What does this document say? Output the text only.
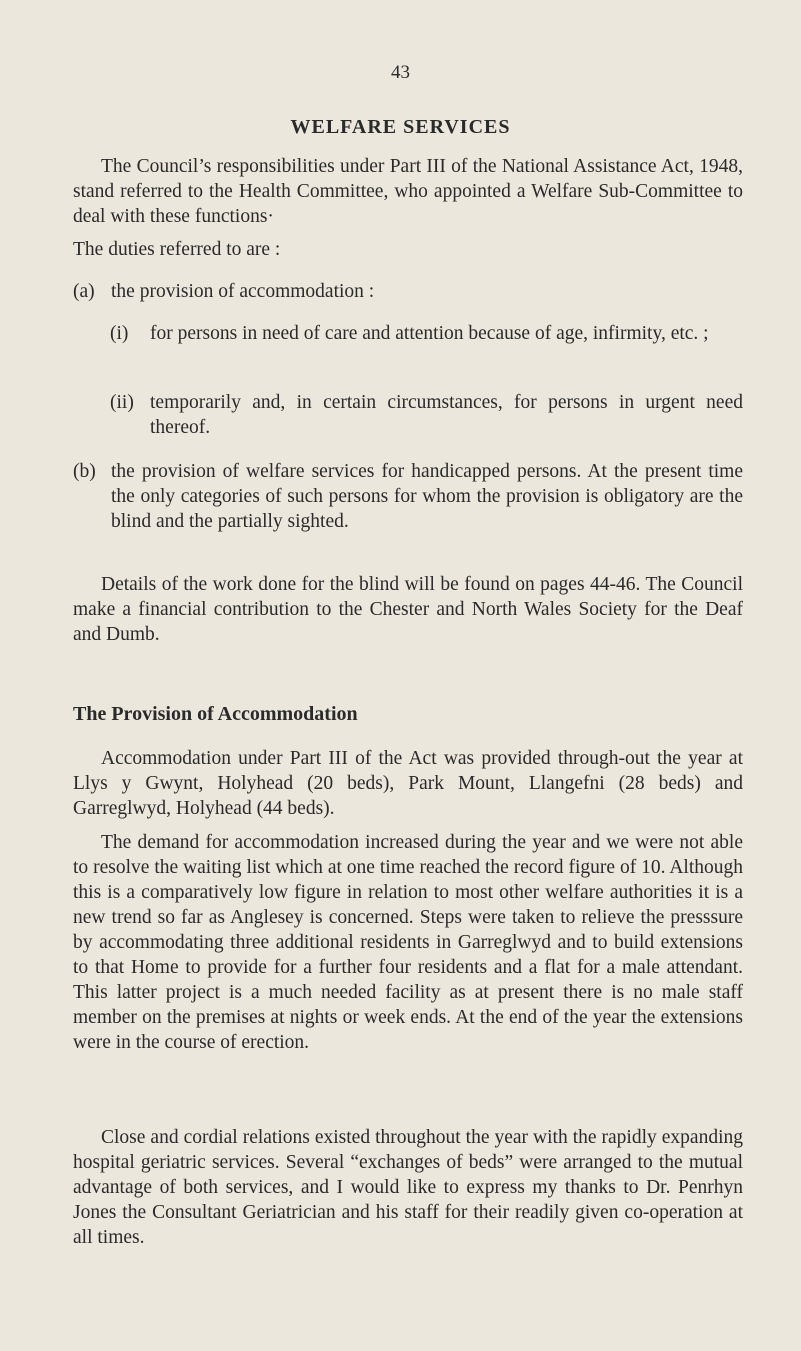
43
WELFARE SERVICES

The Council’s responsibilities under Part III of the National Assistance Act, 1948, stand referred to the Health Committee, who appointed a Welfare Sub-Committee to deal with these functions·

The duties referred to are :

(a) the provision of accommodation :
(i)	for persons in need of care and attention because of age, infirmity, etc. ;
(ii) temporarily and, in certain circumstances, for persons in urgent need thereof.
(b) the provision of welfare services for handicapped persons. At the present time the only categories of such persons for whom the provision is obligatory are the blind and the partially sighted.

Details of the work done for the blind will be found on pages 44-46. The Council make a financial contribution to the Chester and North Wales Society for the Deaf and Dumb.

The Provision of Accommodation

Accommodation under Part III of the Act was provided through-out the year at Llys y Gwynt, Holyhead (20 beds), Park Mount, Llangefni (28 beds) and Garreglwyd, Holyhead (44 beds).

The demand for accommodation increased during the year and we were not able to resolve the waiting list which at one time reached the record figure of 10. Although this is a comparatively low figure in relation to most other welfare authorities it is a new trend so far as Anglesey is concerned. Steps were taken to relieve the presssure by accommodating three additional residents in Garreglwyd and to build extensions to that Home to provide for a further four residents and a flat for a male attendant. This latter project is a much needed facility as at present there is no male staff member on the premises at nights or week ends. At the end of the year the extensions were in the course of erection.

Close and cordial relations existed throughout the year with the rapidly expanding hospital geriatric services. Several “exchanges of beds” were arranged to the mutual advantage of both services, and I would like to express my thanks to Dr. Penrhyn Jones the Consultant Geriatrician and his staff for their readily given co-operation at all times.
